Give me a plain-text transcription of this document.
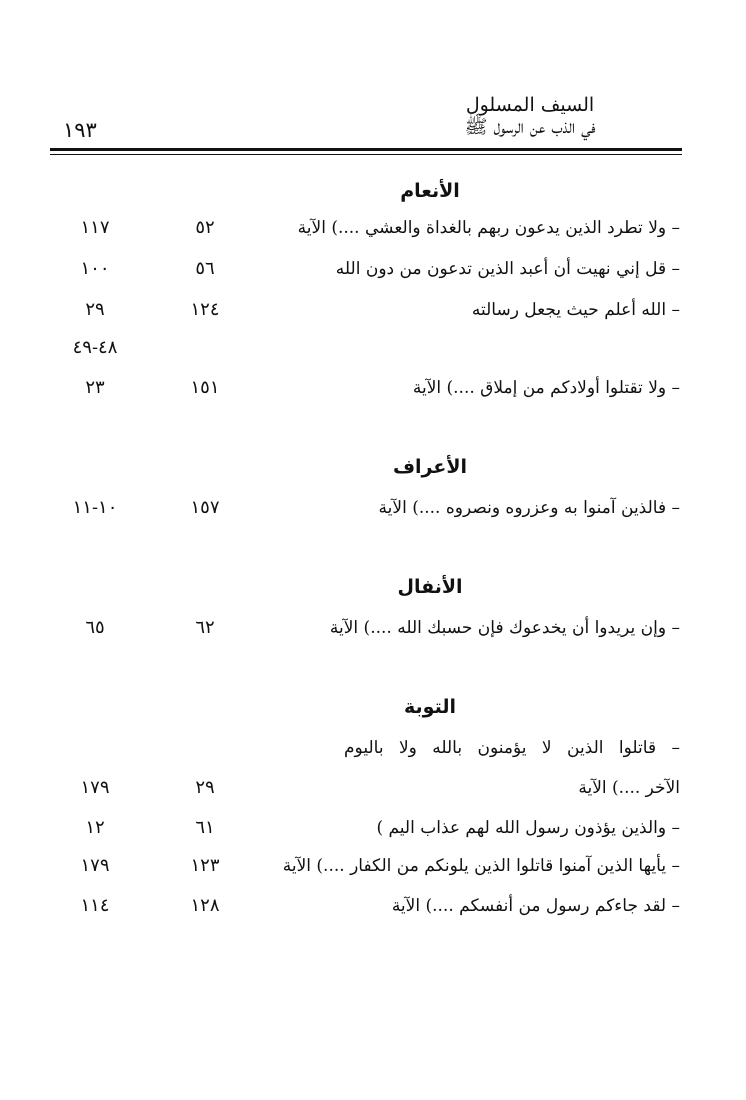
السيف المسلول
في الذب عن الرسول ﷺ
١٩٣
الأنعام
– ولا تطرد الذين يدعون ربهم بالغداة والعشي ....) الآية
٥٢
١١٧
– قل إني نهيت أن أعبد الذين تدعون من دون الله
٥٦
١٠٠
– الله أعلم حيث يجعل رسالته
١٢٤
٢٩
٤٨-٤٩
– ولا تقتلوا أولادكم من إملاق ....) الآية
١٥١
٢٣
الأعراف
– فالذين آمنوا به وعزروه ونصروه ....) الآية
١٥٧
١٠-١١
الأنفال
– وإن يريدوا أن يخدعوك فإن حسبك الله ....) الآية
٦٢
٦٥
التوبة
– قاتلوا الذين لا يؤمنون بالله ولا باليوم
الآخر ....) الآية
٢٩
١٧٩
– والذين يؤذون رسول الله لهم عذاب اليم )
٦١
١٢
– يأيها الذين آمنوا قاتلوا الذين يلونكم من الكفار ....) الآية
١٢٣
١٧٩
– لقد جاءكم رسول من أنفسكم ....) الآية
١٢٨
١١٤
